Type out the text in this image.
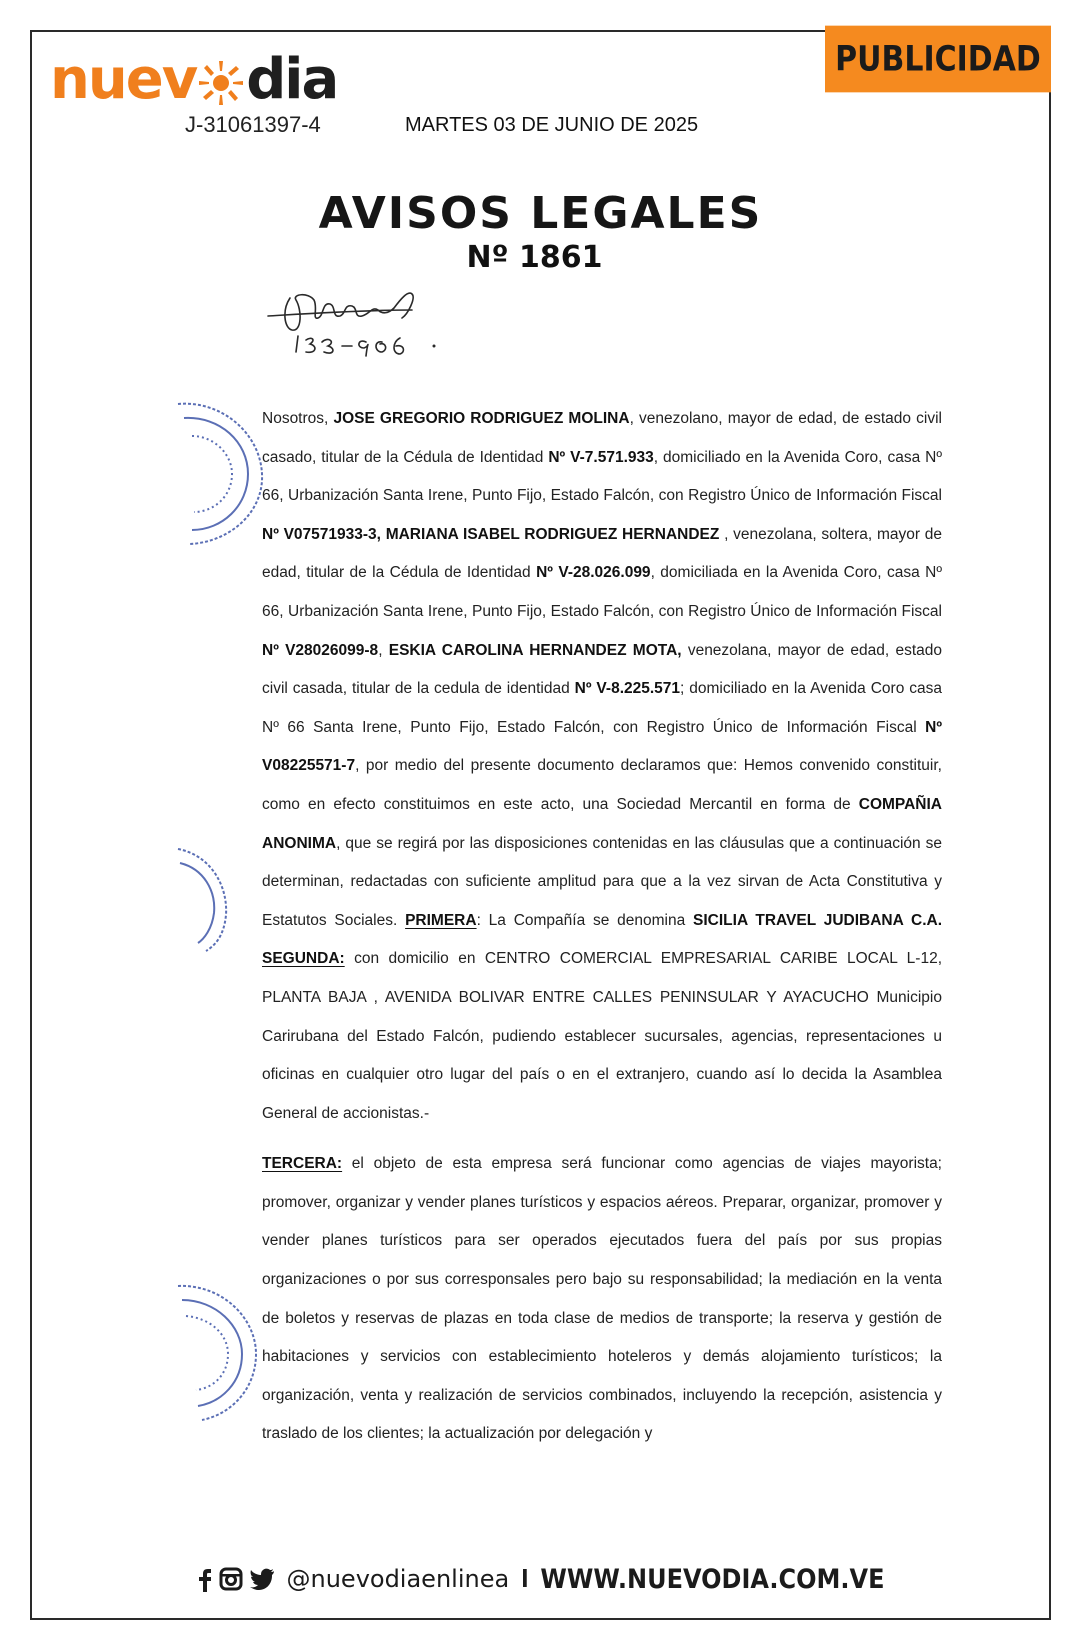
nuev dia
J-31061397-4	MARTES 03 DE JUNIO DE 2025
PUBLICIDAD
AVISOS LEGALES
Nº 1861

Nosotros, JOSE GREGORIO RODRIGUEZ MOLINA, venezolano, mayor de edad, de estado civil casado, titular de la Cédula de Identidad Nº V-7.571.933, domiciliado en la Avenida Coro, casa Nº 66, Urbanización Santa Irene, Punto Fijo, Estado Falcón, con Registro Único de Información Fiscal Nº V07571933-3, MARIANA ISABEL RODRIGUEZ HERNANDEZ , venezolana, soltera, mayor de edad, titular de la Cédula de Identidad Nº V-28.026.099, domiciliada en la Avenida Coro, casa Nº 66, Urbanización Santa Irene, Punto Fijo, Estado Falcón, con Registro Único de Información Fiscal Nº V28026099-8, ESKIA CAROLINA HERNANDEZ MOTA, venezolana, mayor de edad, estado civil casada, titular de la cedula de identidad Nº V-8.225.571; domiciliado en la Avenida Coro casa Nº 66 Santa Irene, Punto Fijo, Estado Falcón, con Registro Único de Información Fiscal Nº V08225571-7, por medio del presente documento declaramos que: Hemos convenido constituir, como en efecto constituimos en este acto, una Sociedad Mercantil en forma de COMPAÑIA ANONIMA, que se regirá por las disposiciones contenidas en las cláusulas que a continuación se determinan, redactadas con suficiente amplitud para que a la vez sirvan de Acta Constitutiva y Estatutos Sociales. PRIMERA: La Compañía se denomina SICILIA TRAVEL JUDIBANA C.A. SEGUNDA: con domicilio en CENTRO COMERCIAL EMPRESARIAL CARIBE LOCAL L-12, PLANTA BAJA , AVENIDA BOLIVAR ENTRE CALLES PENINSULAR Y AYACUCHO Municipio Carirubana del Estado Falcón, pudiendo establecer sucursales, agencias, representaciones u oficinas en cualquier otro lugar del país o en el extranjero, cuando así lo decida la Asamblea General de accionistas.-

TERCERA: el objeto de esta empresa será funcionar como agencias de viajes mayorista; promover, organizar y vender planes turísticos y espacios aéreos. Preparar, organizar, promover y vender planes turísticos para ser operados ejecutados fuera del país por sus propias organizaciones o por sus corresponsales pero bajo su responsabilidad; la mediación en la venta de boletos y reservas de plazas en toda clase de medios de transporte; la reserva y gestión de habitaciones y servicios con establecimiento hoteleros y demás alojamiento turísticos; la organización, venta y realización de servicios combinados, incluyendo la recepción, asistencia y traslado de los clientes; la actualización por delegación y

@nuevodiaenlinea I WWW.NUEVODIA.COM.VE
